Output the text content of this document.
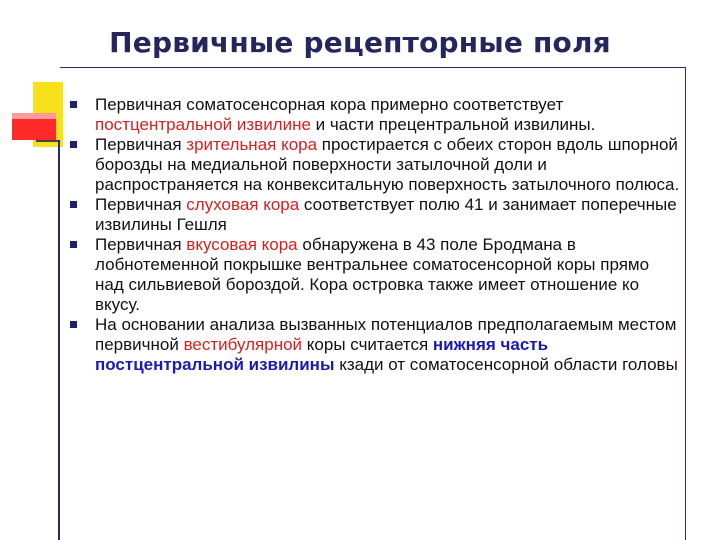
Первичные рецепторные поля
Первичная соматосенсорная кора примерно соответствует постцентральной извилине и части прецентральной извилины.
Первичная зрительная кора простирается с обеих сторон вдоль шпорной борозды на медиальной поверхности затылочной доли и распространяется на конвекситальную поверхность затылочного полюса.
Первичная слуховая кора соответствует полю 41 и занимает поперечные извилины Гешля
Первичная вкусовая кора обнаружена в 43 поле Бродмана в лобнотеменной покрышке вентральнее соматосенсорной коры прямо над сильвиевой бороздой. Кора островка также имеет отношение ко вкусу.
На основании анализа вызванных потенциалов предполагаемым местом первичной вестибулярной коры считается нижняя часть постцентральной извилины кзади от соматосенсорной области головы
